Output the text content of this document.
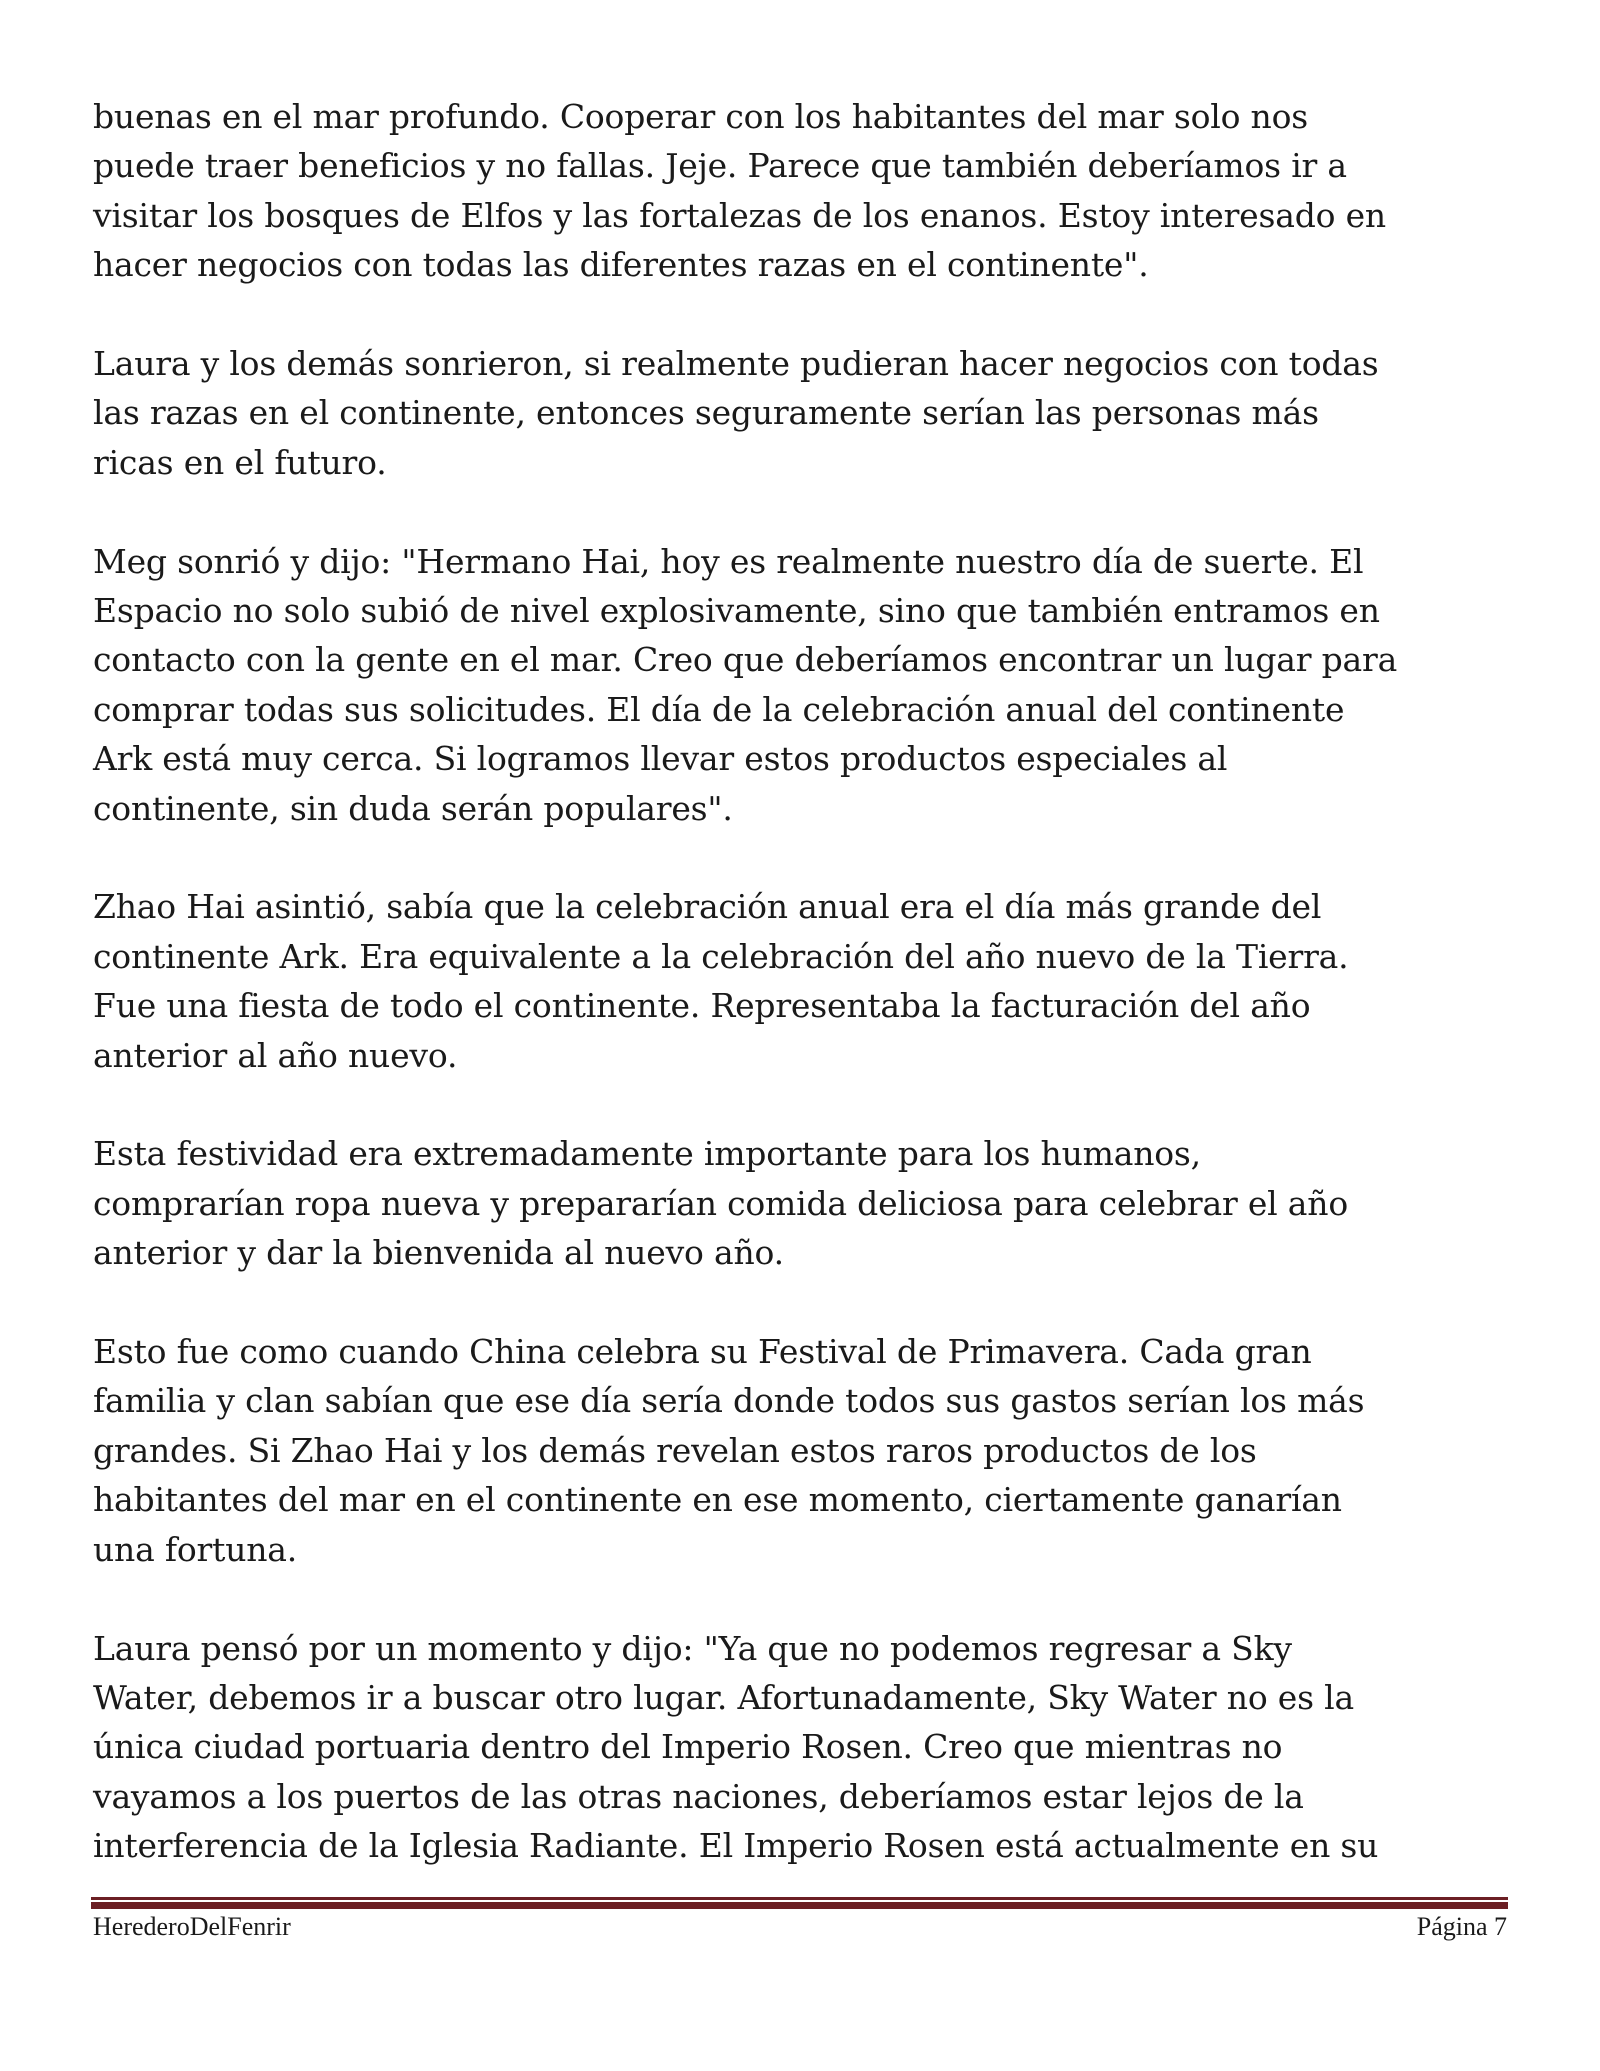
buenas en el mar profundo. Cooperar con los habitantes del mar solo nos
puede traer beneficios y no fallas. Jeje. Parece que también deberíamos ir a
visitar los bosques de Elfos y las fortalezas de los enanos. Estoy interesado en
hacer negocios con todas las diferentes razas en el continente".

Laura y los demás sonrieron, si realmente pudieran hacer negocios con todas
las razas en el continente, entonces seguramente serían las personas más
ricas en el futuro.

Meg sonrió y dijo: "Hermano Hai, hoy es realmente nuestro día de suerte. El
Espacio no solo subió de nivel explosivamente, sino que también entramos en
contacto con la gente en el mar. Creo que deberíamos encontrar un lugar para
comprar todas sus solicitudes. El día de la celebración anual del continente
Ark está muy cerca. Si logramos llevar estos productos especiales al
continente, sin duda serán populares".

Zhao Hai asintió, sabía que la celebración anual era el día más grande del
continente Ark. Era equivalente a la celebración del año nuevo de la Tierra.
Fue una fiesta de todo el continente. Representaba la facturación del año
anterior al año nuevo.

Esta festividad era extremadamente importante para los humanos,
comprarían ropa nueva y prepararían comida deliciosa para celebrar el año
anterior y dar la bienvenida al nuevo año.

Esto fue como cuando China celebra su Festival de Primavera. Cada gran
familia y clan sabían que ese día sería donde todos sus gastos serían los más
grandes. Si Zhao Hai y los demás revelan estos raros productos de los
habitantes del mar en el continente en ese momento, ciertamente ganarían
una fortuna.

Laura pensó por un momento y dijo: "Ya que no podemos regresar a Sky
Water, debemos ir a buscar otro lugar. Afortunadamente, Sky Water no es la
única ciudad portuaria dentro del Imperio Rosen. Creo que mientras no
vayamos a los puertos de las otras naciones, deberíamos estar lejos de la
interferencia de la Iglesia Radiante. El Imperio Rosen está actualmente en su

HerederoDelFenrir	Página 7
